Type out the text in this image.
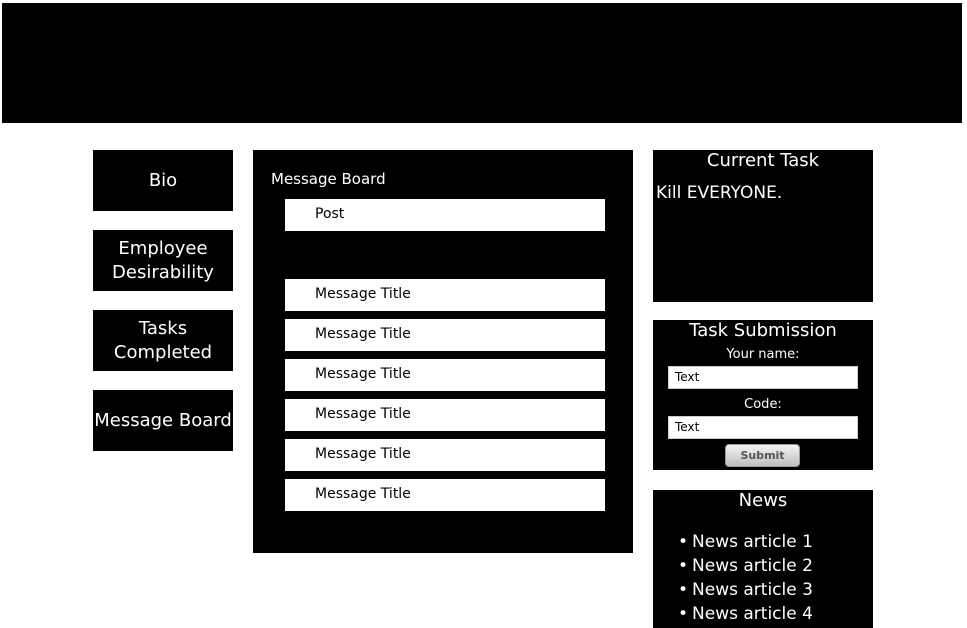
Bio
Employee
Desirability
Tasks
Completed
Message Board
Message Board
Post
Message Title
Message Title
Message Title
Message Title
Message Title
Message Title
Current Task
Kill EVERYONE.
Task Submission
Your name:
Text
Code:
Text
Submit
News
• News article 1
• News article 2
• News article 3
• News article 4
